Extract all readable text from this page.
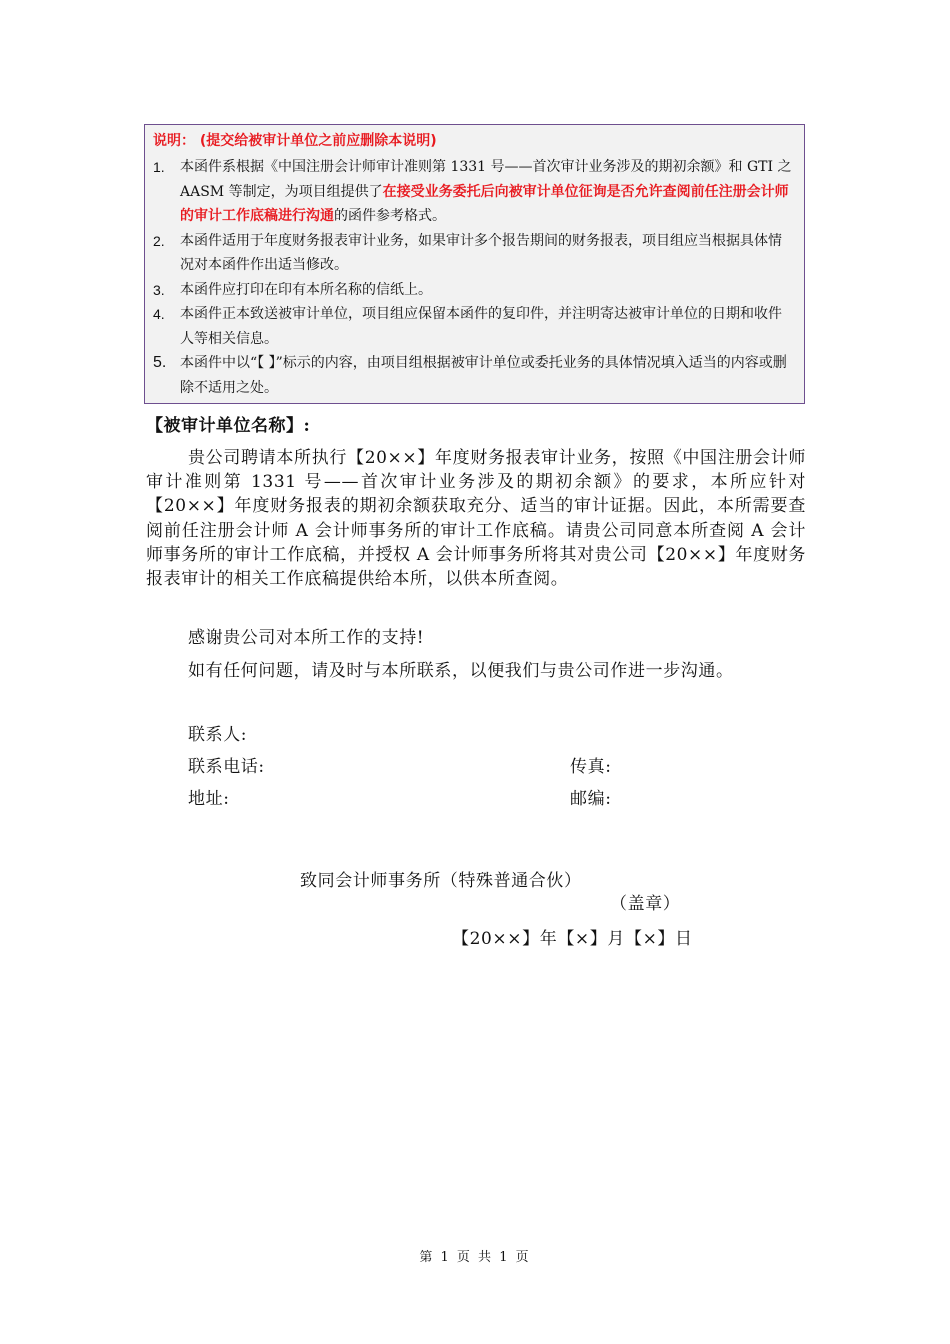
说明： (提交给被审计单位之前应删除本说明)
1. 本函件系根据《中国注册会计师审计准则第 1331 号——首次审计业务涉及的期初余额》和 GTI 之 AASM 等制定，为项目组提供了在接受业务委托后向被审计单位征询是否允许查阅前任注册会计师的审计工作底稿进行沟通的函件参考格式。
2. 本函件适用于年度财务报表审计业务，如果审计多个报告期间的财务报表，项目组应当根据具体情况对本函件作出适当修改。
3. 本函件应打印在印有本所名称的信纸上。
4. 本函件正本致送被审计单位，项目组应保留本函件的复印件，并注明寄达被审计单位的日期和收件人等相关信息。
5. 本函件中以“【 】”标示的内容，由项目组根据被审计单位或委托业务的具体情况填入适当的内容或删除不适用之处。
【被审计单位名称】:
贵公司聘请本所执行【20××】年度财务报表审计业务，按照《中国注册会计师审计准则第 1331 号——首次审计业务涉及的期初余额》的要求，本所应针对【20××】年度财务报表的期初余额获取充分、适当的审计证据。因此，本所需要查阅前任注册会计师 A 会计师事务所的审计工作底稿。请贵公司同意本所查阅 A 会计师事务所的审计工作底稿，并授权 A 会计师事务所将其对贵公司【20××】年度财务报表审计的相关工作底稿提供给本所，以供本所查阅。
感谢贵公司对本所工作的支持!
如有任何问题，请及时与本所联系，以便我们与贵公司作进一步沟通。
联系人:
联系电话:	传真:
地址:	邮编:
致同会计师事务所（特殊普通合伙）
（盖章）
【20××】年【×】月【×】日
第 1 页 共 1 页
